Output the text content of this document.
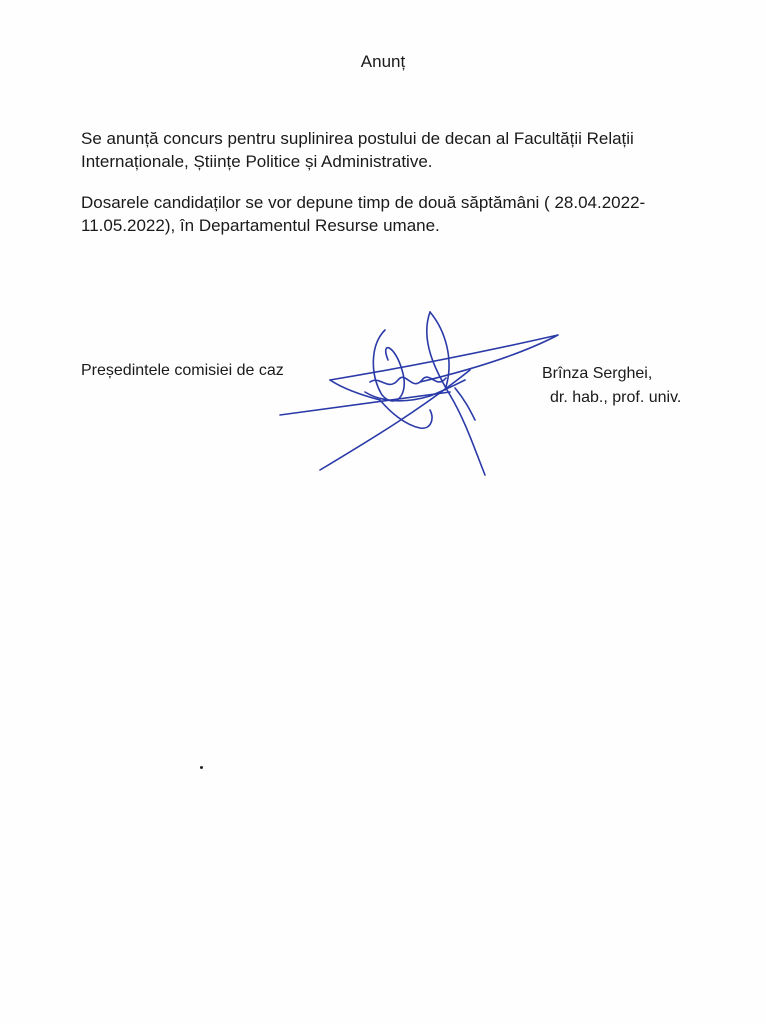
Anunț

Se anunță concurs pentru suplinirea postului de decan al Facultății Relații Internaționale, Științe Politice și Administrative.

Dosarele candidaților se vor depune timp de două săptămâni ( 28.04.2022-11.05.2022), în Departamentul Resurse umane.

Președintele comisiei de caz	Brînza Serghei,
dr. hab., prof. univ.
